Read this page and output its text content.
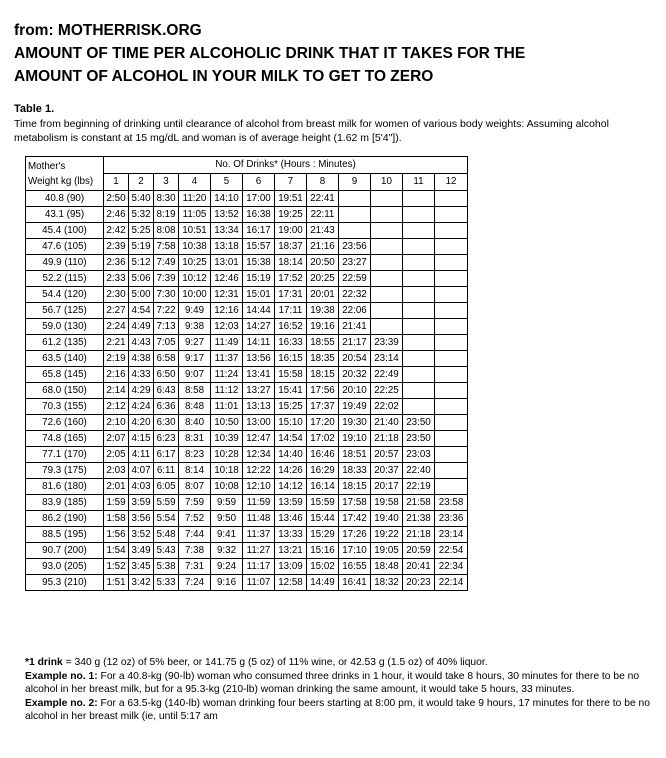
from: MOTHERRISK.ORG
AMOUNT OF TIME PER ALCOHOLIC DRINK THAT IT TAKES FOR THE
AMOUNT OF ALCOHOL IN YOUR MILK TO GET TO ZERO
Table 1.
Time from beginning of drinking until clearance of alcohol from breast milk for women of various body weights: Assuming alcohol metabolism is constant at 15 mg/dL and woman is of average height (1.62 m [5'4"]).
Mother's
Weight kg (lbs)	No. Of Drinks* (Hours : Minutes)											
	1	2	3	4	5	6	7	8	9	10	11	12
40.8 (90)	2:50	5:40	8:30	11:20	14:10	17:00	19:51	22:41				
43.1 (95)	2:46	5:32	8:19	11:05	13:52	16:38	19:25	22:11				
45.4 (100)	2:42	5:25	8:08	10:51	13:34	16:17	19:00	21:43				
47.6 (105)	2:39	5:19	7:58	10:38	13:18	15:57	18:37	21:16	23:56			
49.9 (110)	2:36	5:12	7:49	10:25	13:01	15:38	18:14	20:50	23:27			
52.2 (115)	2:33	5:06	7:39	10:12	12:46	15:19	17:52	20:25	22:59			
54.4 (120)	2:30	5:00	7:30	10:00	12:31	15:01	17:31	20:01	22:32			
56.7 (125)	2:27	4:54	7:22	9:49	12:16	14:44	17:11	19:38	22:06			
59.0 (130)	2:24	4:49	7:13	9:38	12:03	14:27	16:52	19:16	21:41			
61.2 (135)	2:21	4:43	7:05	9:27	11:49	14:11	16:33	18:55	21:17	23:39		
63.5 (140)	2:19	4:38	6:58	9:17	11:37	13:56	16:15	18:35	20:54	23:14		
65.8 (145)	2:16	4:33	6:50	9:07	11:24	13:41	15:58	18:15	20:32	22:49		
68.0 (150)	2:14	4:29	6:43	8:58	11:12	13:27	15:41	17:56	20:10	22:25		
70.3 (155)	2:12	4:24	6:36	8:48	11:01	13:13	15:25	17:37	19:49	22:02		
72.6 (160)	2:10	4:20	6:30	8:40	10:50	13:00	15:10	17:20	19:30	21:40	23:50	
74.8 (165)	2:07	4:15	6:23	8:31	10:39	12:47	14:54	17:02	19:10	21:18	23:50	
77.1 (170)	2:05	4:11	6:17	8:23	10:28	12:34	14:40	16:46	18:51	20:57	23:03	
79.3 (175)	2:03	4:07	6:11	8:14	10:18	12:22	14:26	16:29	18:33	20:37	22:40	
81.6 (180)	2:01	4:03	6:05	8:07	10:08	12:10	14:12	16:14	18:15	20:17	22:19	
83.9 (185)	1:59	3:59	5:59	7:59	9:59	11:59	13:59	15:59	17:58	19:58	21:58	23:58
86.2 (190)	1:58	3:56	5:54	7:52	9:50	11:48	13:46	15:44	17:42	19:40	21:38	23:36
88.5 (195)	1:56	3:52	5:48	7:44	9:41	11:37	13:33	15:29	17:26	19:22	21:18	23:14
90.7 (200)	1:54	3:49	5:43	7:38	9:32	11:27	13:21	15:16	17:10	19:05	20:59	22:54
93.0 (205)	1:52	3:45	5:38	7:31	9:24	11:17	13:09	15:02	16:55	18:48	20:41	22:34
95.3 (210)	1:51	3:42	5:33	7:24	9:16	11:07	12:58	14:49	16:41	18:32	20:23	22:14

*1 drink = 340 g (12 oz) of 5% beer, or 141.75 g (5 oz) of 11% wine, or 42.53 g (1.5 oz) of 40% liquor.

Example no. 1: For a 40.8-kg (90-lb) woman who consumed three drinks in 1 hour, it would take 8 hours, 30 minutes for there to be no alcohol in her breast milk, but for a 95.3-kg (210-lb) woman drinking the same amount, it would take 5 hours, 33 minutes.

Example no. 2: For a 63.5-kg (140-lb) woman drinking four beers starting at 8:00 pm, it would take 9 hours, 17 minutes for there to be no alcohol in her breast milk (ie, until 5:17 am
